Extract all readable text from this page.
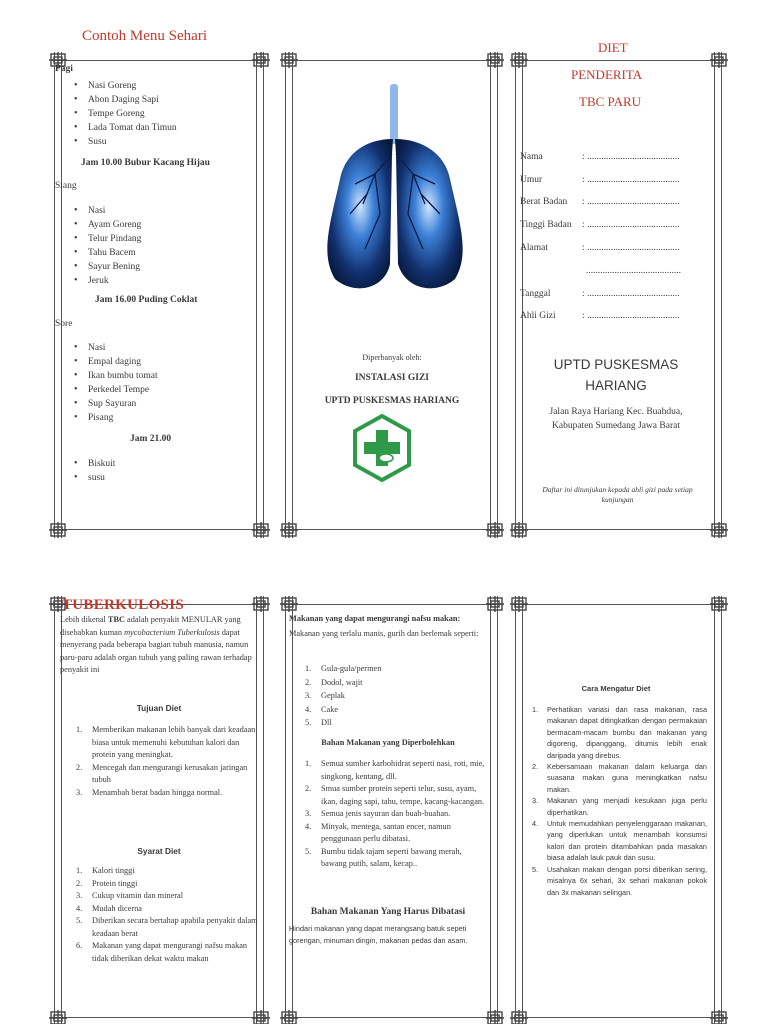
Contoh Menu Sehari
Pagi
• Nasi Goreng
• Abon Daging Sapi
• Tempe Goreng
• Lada Tomat dan Timun
• Susu
Jam 10.00 Bubur Kacang Hijau
Siang
• Nasi
• Ayam Goreng
• Telur Pindang
• Tahu Bacem
• Sayur Bening
• Jeruk
Jam 16.00 Puding Coklat
Sore
• Nasi
• Empal daging
• Ikan bumbu tomat
• Perkedel Tempe
• Sup Sayuran
• Pisang
Jam 21.00
• Biskuit
• susu
Diperbanyak oleh:
INSTALASI GIZI
UPTD PUSKESMAS HARIANG
DIET
PENDERITA
TBC PARU
Nama	: .......................................
Umur	: .......................................
Berat Badan	: .......................................
Tinggi Badan	: .......................................
Alamat	: .......................................
........................................
Tanggal	: .......................................
Ahli Gizi	: .......................................
UPTD PUSKESMAS
HARIANG
Jalan Raya Hariang Kec. Buahdua,
Kabupaten Sumedang Jawa Barat
Daftar ini ditunjukan kepada ahli gizi pada setiap kunjungan
TUBERKULOSIS
Lebih dikenal TBC adalah penyakit MENULAR yang disebabkan kuman mycobacterium Tuberkulosis dapat menyerang pada beberapa bagian tubuh manusia, namun paru-paru adalah organ tubuh yang paling rawan terhadap penyakit ini
Tujuan Diet
Memberikan makanan lebih banyak dari keadaan biasa untuk memenuhi kebutuhan kalori dan protein yang meningkat.
Mencegah dan mengurangi kerusakan jaringan tubuh
Menambah berat badan hingga normal.
Syarat Diet
Kalori tinggi
Protein tinggi
Cukup vitamin dan mineral
Mudah dicerna
Diberikan secara bertahap apabila penyakit dalam keadaan berat
Makanan yang dapat mengurangi nafsu makan tidak diberikan dekat waktu makan
Makanan yang dapat mengurangi nafsu makan:
Makanan yang terlalu manis, gurih dan berlemak seperti:
Gula-gula/permen
Dodol, wajit
Geplak
Cake
Dll
Bahan Makanan yang Diperbolehkan
Semua sumber karbohidrat seperti nasi, roti, mie, singkong, kentang, dll.
Smua sumber protein seperti telur, susu, ayam, ikan, daging sapi, tahu, tempe, kacang-kacangan.
Semua jenis sayuran dan buah-buahan.
Minyak, mentega, santan encer, namun penggunaan perlu dibatasi.
Bumbu tidak tajam seperti bawang merah, bawang putih, salam, kecap..
Bahan Makanan Yang Harus Dibatasi
Hindari makanan yang dapat merangsang batuk sepeti gorengan, minuman dingin, makanan pedas dan asam.
Cara Mengatur Diet
Perhatikan variasi dan rasa makanan, rasa makanan dapat ditingkatkan dengan permakaian bermacam-macam bumbu dan makanan yang digoreng, dipanggang, ditumis lebih enak daripada yang direbus.
Kebersamaan makanan dalam keluarga dan suasana makan guna meningkatkan nafsu makan.
Makanan yang menjadi kesukaan juga perlu diperhatikan.
Untuk memudahkan penyelenggaraan makanan, yang diperlukan untuk menambah konsumsi kalori dan protein ditambahkan pada masakan biasa adalah lauk pauk dan susu.
Usahakan makan dengan porsi diberikan sering, misalnya 6x sehari, 3x sehari makanan pokok dan 3x makanan selingan.
